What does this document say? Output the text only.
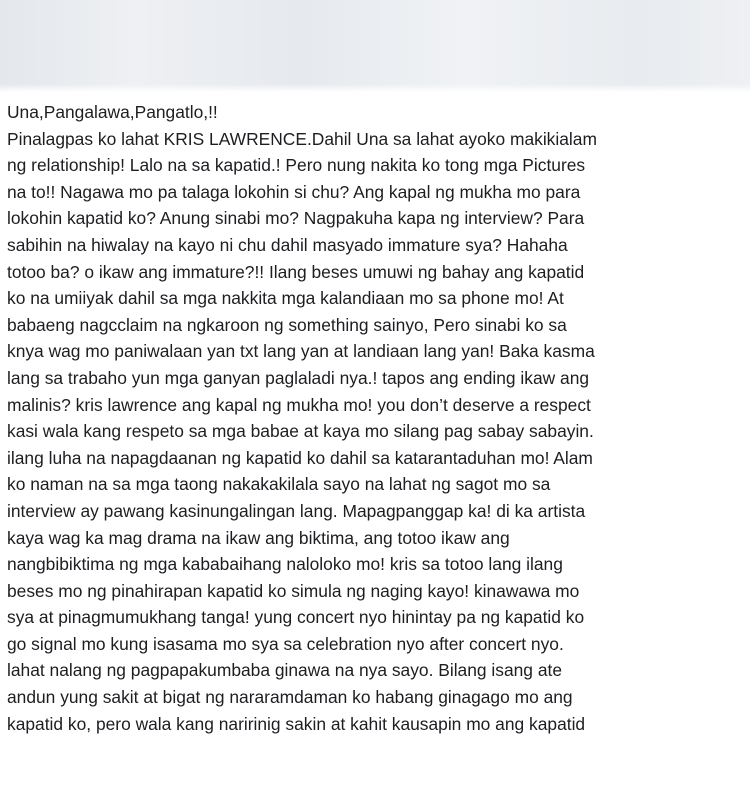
Una,Pangalawa,Pangatlo,!!
Pinalagpas ko lahat KRIS LAWRENCE.Dahil Una sa lahat ayoko makikialam
ng relationship! Lalo na sa kapatid.! Pero nung nakita ko tong mga Pictures
na to!! Nagawa mo pa talaga lokohin si chu? Ang kapal ng mukha mo para
lokohin kapatid ko? Anung sinabi mo? Nagpakuha kapa ng interview? Para
sabihin na hiwalay na kayo ni chu dahil masyado immature sya? Hahaha
totoo ba? o ikaw ang immature?!! Ilang beses umuwi ng bahay ang kapatid
ko na umiiyak dahil sa mga nakkita mga kalandiaan mo sa phone mo! At
babaeng nagcclaim na ngkaroon ng something sainyo, Pero sinabi ko sa
knya wag mo paniwalaan yan txt lang yan at landiaan lang yan! Baka kasma
lang sa trabaho yun mga ganyan paglaladi nya.! tapos ang ending ikaw ang
malinis? kris lawrence ang kapal ng mukha mo! you don’t deserve a respect
kasi wala kang respeto sa mga babae at kaya mo silang pag sabay sabayin.
ilang luha na napagdaanan ng kapatid ko dahil sa katarantaduhan mo! Alam
ko naman na sa mga taong nakakakilala sayo na lahat ng sagot mo sa
interview ay pawang kasinungalingan lang. Mapagpanggap ka! di ka artista
kaya wag ka mag drama na ikaw ang biktima, ang totoo ikaw ang
nangbibiktima ng mga kababaihang naloloko mo! kris sa totoo lang ilang
beses mo ng pinahirapan kapatid ko simula ng naging kayo! kinawawa mo
sya at pinagmumukhang tanga! yung concert nyo hinintay pa ng kapatid ko
go signal mo kung isasama mo sya sa celebration nyo after concert nyo.
lahat nalang ng pagpapakumbaba ginawa na nya sayo. Bilang isang ate
andun yung sakit at bigat ng nararamdaman ko habang ginagago mo ang
kapatid ko, pero wala kang naririnig sakin at kahit kausapin mo ang kapatid
